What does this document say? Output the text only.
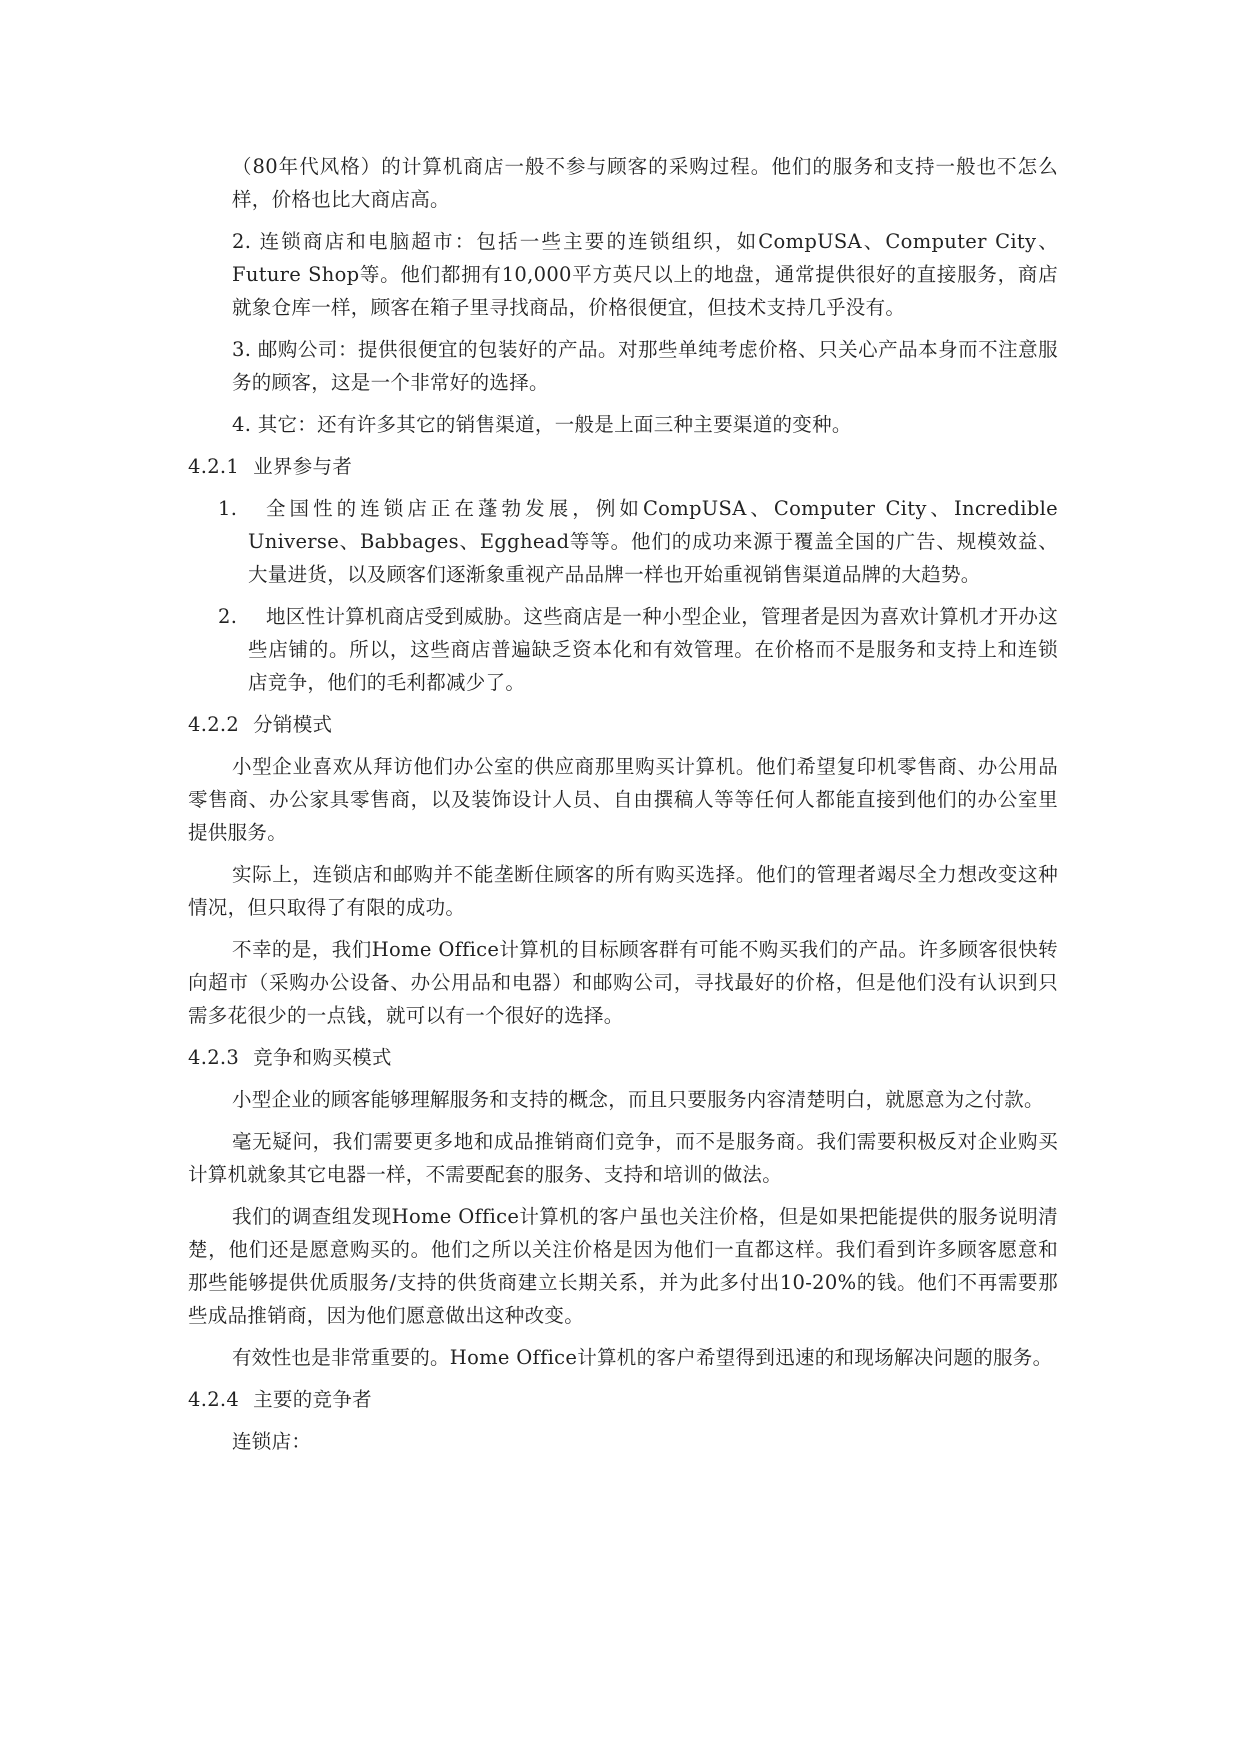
（80年代风格）的计算机商店一般不参与顾客的采购过程。他们的服务和支持一般也不怎么样，价格也比大商店高。

2. 连锁商店和电脑超市：包括一些主要的连锁组织，如CompUSA、Computer City、Future Shop等。他们都拥有10,000平方英尺以上的地盘，通常提供很好的直接服务，商店就象仓库一样，顾客在箱子里寻找商品，价格很便宜，但技术支持几乎没有。

3. 邮购公司：提供很便宜的包装好的产品。对那些单纯考虑价格、只关心产品本身而不注意服务的顾客，这是一个非常好的选择。

4. 其它：还有许多其它的销售渠道，一般是上面三种主要渠道的变种。

4.2.1 业界参与者
1.	全国性的连锁店正在蓬勃发展，例如CompUSA、Computer City、Incredible Universe、Babbages、Egghead等等。他们的成功来源于覆盖全国的广告、规模效益、大量进货，以及顾客们逐渐象重视产品品牌一样也开始重视销售渠道品牌的大趋势。
2.	地区性计算机商店受到威胁。这些商店是一种小型企业，管理者是因为喜欢计算机才开办这些店铺的。所以，这些商店普遍缺乏资本化和有效管理。在价格而不是服务和支持上和连锁店竞争，他们的毛利都减少了。
4.2.2 分销模式

小型企业喜欢从拜访他们办公室的供应商那里购买计算机。他们希望复印机零售商、办公用品零售商、办公家具零售商，以及装饰设计人员、自由撰稿人等等任何人都能直接到他们的办公室里提供服务。

实际上，连锁店和邮购并不能垄断住顾客的所有购买选择。他们的管理者竭尽全力想改变这种情况，但只取得了有限的成功。

不幸的是，我们Home Office计算机的目标顾客群有可能不购买我们的产品。许多顾客很快转向超市（采购办公设备、办公用品和电器）和邮购公司，寻找最好的价格，但是他们没有认识到只需多花很少的一点钱，就可以有一个很好的选择。

4.2.3 竞争和购买模式

小型企业的顾客能够理解服务和支持的概念，而且只要服务内容清楚明白，就愿意为之付款。

毫无疑问，我们需要更多地和成品推销商们竞争，而不是服务商。我们需要积极反对企业购买计算机就象其它电器一样，不需要配套的服务、支持和培训的做法。

我们的调查组发现Home Office计算机的客户虽也关注价格，但是如果把能提供的服务说明清楚，他们还是愿意购买的。他们之所以关注价格是因为他们一直都这样。我们看到许多顾客愿意和那些能够提供优质服务/支持的供货商建立长期关系，并为此多付出10-20%的钱。他们不再需要那些成品推销商，因为他们愿意做出这种改变。

有效性也是非常重要的。Home Office计算机的客户希望得到迅速的和现场解决问题的服务。

4.2.4 主要的竞争者

连锁店：
